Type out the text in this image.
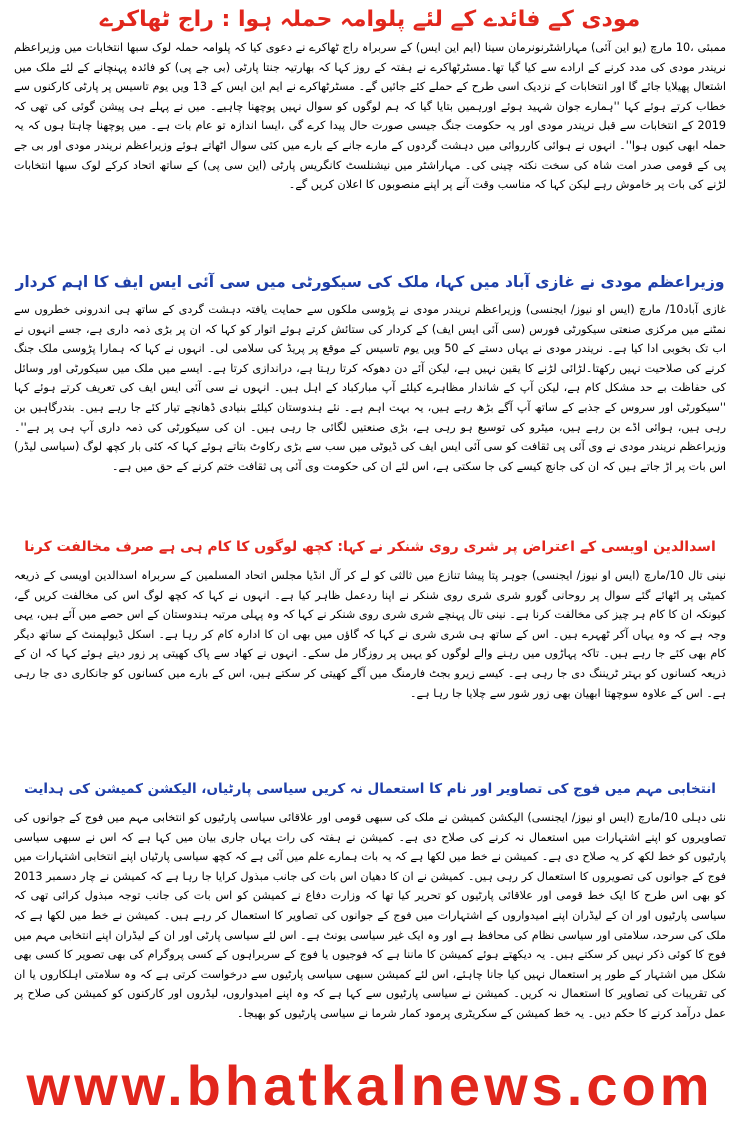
مودی کے فائدے کے لئے پلوامہ حملہ ہوا : راج ٹھاکرے

ممبئی ،10 مارچ (یو این آئی) مہاراشٹرنونرمان سینا (ایم این ایس) کے سربراہ راج ٹھاکرے نے دعوی کیا کہ پلوامہ حملہ لوک سبھا انتخابات میں وزیراعظم نریندر مودی کی مدد کرنے کے ارادے سے کیا گیا تھا۔مسٹرٹھاکرے نے ہفتہ کے روز کہا کہ بھارتیہ جنتا پارٹی (بی جے پی) کو فائدہ پہنچانے کے لئے ملک میں اشتعال پھیلایا جائے گا اور انتخابات کے نزدیک اسی طرح کے حملے کئے جائیں گے۔ مسٹرٹھاکرے نے ایم این ایس کے 13 ویں یوم تاسیس پر پارٹی کارکنوں سے خطاب کرتے ہوئے کہا ''ہمارے جوان شہید ہوئے اورہمیں بتایا گیا کہ ہم لوگوں کو سوال نہیں پوچھنا چاہیے۔ میں نے پہلے ہی پیشن گوئی کی تھی کہ 2019 کے انتخابات سے قبل نریندر مودی اور یہ حکومت جنگ جیسی صورت حال پیدا کرے گی ،ایسا اندازہ تو عام بات ہے۔ میں پوچھنا چاہتا ہوں کہ یہ حملہ ابھی کیوں ہوا''۔ انہوں نے ہوائی کارروائی میں دہشت گردوں کے مارے جانے کے بارے میں کئی سوال اٹھاتے ہوئے وزیراعظم نریندر مودی اور بی جے پی کے قومی صدر امت شاہ کی سخت نکتہ چینی کی۔ مہاراشٹر میں نیشنلسٹ کانگریس پارٹی (این سی پی) کے ساتھ اتحاد کرکے لوک سبھا انتخابات لڑنے کی بات پر خاموش رہے لیکن کہا کہ مناسب وقت آنے پر اپنے منصوبوں کا اعلان کریں گے۔

وزیراعظم مودی نے غازی آباد میں کہا، ملک کی سیکورٹی میں سی آئی ایس ایف کا اہم کردار

غازی آباد10/ مارچ (ایس او نیوز/ ایجنسی) وزیراعظم نریندر مودی نے پڑوسی ملکوں سے حمایت یافتہ دہشت گردی کے ساتھ ہی اندرونی خطروں سے نمٹنے میں مرکزی صنعتی سیکورٹی فورس (سی آئی ایس ایف) کے کردار کی ستائش کرتے ہوئے اتوار کو کہا کہ ان پر بڑی ذمہ داری ہے، جسے انہوں نے اب تک بخوبی ادا کیا ہے۔ نریندر مودی نے یہاں دستے کے 50 ویں یوم تاسیس کے موقع پر پریڈ کی سلامی لی۔ انہوں نے کہا کہ ہمارا پڑوسی ملک جنگ کرنے کی صلاحیت نہیں رکھتا۔لڑائی لڑنے کا یقین نہیں ہے، لیکن آئے دن دھوکہ کرتا رہتا ہے، دراندازی کرتا ہے۔ ایسے میں ملک میں سیکورٹی اور وسائل کی حفاظت بے حد مشکل کام ہے، لیکن آپ کے شاندار مظاہرے کیلئے آپ مبارکباد کے اہل ہیں۔ انہوں نے سی آئی ایس ایف کی تعریف کرتے ہوئے کہا ''سیکورٹی اور سروس کے جذبے کے ساتھ آپ آگے بڑھ رہے ہیں، یہ بہت اہم ہے۔ نئے ہندوستان کیلئے بنیادی ڈھانچے تیار کئے جا رہے ہیں۔ بندرگاہیں بن رہی ہیں، ہوائی اڈے بن رہے ہیں، میٹرو کی توسیع ہو رہی ہے، بڑی صنعتیں لگائی جا رہی ہیں۔ ان کی سیکورٹی کی ذمہ داری آپ ہی پر ہے''۔ وزیراعظم نریندر مودی نے وی آئی پی ثقافت کو سی آئی ایس ایف کی ڈیوٹی میں سب سے بڑی رکاوٹ بتاتے ہوئے کہا کہ کئی بار کچھ لوگ (سیاسی لیڈر) اس بات پر اڑ جاتے ہیں کہ ان کی جانچ کیسے کی جا سکتی ہے، اس لئے ان کی حکومت وی آئی پی ثقافت ختم کرنے کے حق میں ہے۔

اسدالدین اویسی کے اعتراض پر شری روی شنکر نے کہا: کچھ لوگوں کا کام ہی ہے صرف مخالفت کرنا

نینی تال 10/مارچ (ایس او نیوز/ ایجنسی) جوہر پتا پیشا تنازع میں ثالثی کو لے کر آل انڈیا مجلس اتحاد المسلمین کے سربراہ اسدالدین اویسی کے ذریعہ کمیٹی پر اٹھائے گئے سوال پر روحانی گورو شری شری روی شنکر نے اپنا ردعمل ظاہر کیا ہے۔ انہوں نے کہا کہ کچھ لوگ اس کی مخالفت کریں گے، کیونکہ ان کا کام ہر چیز کی مخالفت کرنا ہے۔ نینی تال پہنچے شری شری روی شنکر نے کہا کہ وہ پہلی مرتبہ ہندوستان کے اس حصے میں آئے ہیں، یہی وجہ ہے کہ وہ یہاں آکر ٹھہرے ہیں۔ اس کے ساتھ ہی شری شری نے کہا کہ گاؤں میں بھی ان کا ادارہ کام کر رہا ہے۔ اسکل ڈیولپمنٹ کے ساتھ دیگر کام بھی کئے جا رہے ہیں۔ تاکہ پہاڑوں میں رہنے والے لوگوں کو یہیں پر روزگار مل سکے۔ انہوں نے کھاد سے پاک کھیتی پر زور دیتے ہوئے کہا کہ ان کے ذریعہ کسانوں کو بہتر ٹریننگ دی جا رہی ہے۔ کیسے زیرو بجٹ فارمنگ میں آگے کھیتی کر سکتے ہیں، اس کے بارے میں کسانوں کو جانکاری دی جا رہی ہے۔ اس کے علاوہ سوچھتا ابھیان بھی زور شور سے چلایا جا رہا ہے۔

انتخابی مہم میں فوج کی تصاویر اور نام کا استعمال نہ کریں سیاسی پارٹیاں، الیکشن کمیشن کی ہدایت

نئی دہلی 10/مارچ (ایس او نیوز/ ایجنسی) الیکشن کمیشن نے ملک کی سبھی قومی اور علاقائی سیاسی پارٹیوں کو انتخابی مہم میں فوج کے جوانوں کی تصاویروں کو اپنے اشتہارات میں استعمال نہ کرنے کی صلاح دی ہے۔ کمیشن نے ہفتہ کی رات یہاں جاری بیان میں کہا ہے کہ اس نے سبھی سیاسی پارٹیوں کو خط لکھ کر یہ صلاح دی ہے۔ کمیشن نے خط میں لکھا ہے کہ یہ بات ہمارے علم میں آئی ہے کہ کچھ سیاسی پارٹیاں اپنے انتخابی اشتہارات میں فوج کے جوانوں کی تصویروں کا استعمال کر رہی ہیں۔ کمیشن نے ان کا دھیان اس بات کی جانب مبذول کرایا جا رہا ہے کہ کمیشن نے چار دسمبر 2013 کو بھی اس طرح کا ایک خط قومی اور علاقائی پارٹیوں کو تحریر کیا تھا کہ وزارت دفاع نے کمیشن کو اس بات کی جانب توجہ مبذول کرائی تھی کہ سیاسی پارٹیوں اور ان کے لیڈران اپنے امیدواروں کے اشتہارات میں فوج کے جوانوں کی تصاویر کا استعمال کر رہے ہیں۔ کمیشن نے خط میں لکھا ہے کہ ملک کی سرحد، سلامتی اور سیاسی نظام کی محافظ ہے اور وہ ایک غیر سیاسی یونٹ ہے۔ اس لئے سیاسی پارٹی اور ان کے لیڈران اپنے انتخابی مہم میں فوج کا کوئی ذکر نہیں کر سکتے ہیں۔ یہ دیکھتے ہوئے کمیشن کا ماننا ہے کہ فوجیوں یا فوج کے سربراہوں کے کسی پروگرام کی بھی تصویر کا کسی بھی شکل میں اشتہار کے طور پر استعمال نہیں کیا جانا چاہئے، اس لئے کمیشن سبھی سیاسی پارٹیوں سے درخواست کرتی ہے کہ وہ سلامتی اہلکاروں یا ان کی تقریبات کی تصاویر کا استعمال نہ کریں۔ کمیشن نے سیاسی پارٹیوں سے کہا ہے کہ وہ اپنے امیدواروں، لیڈروں اور کارکنوں کو کمیشن کی صلاح پر عمل درآمد کرنے کا حکم دیں۔ یہ خط کمیشن کے سکریٹری پرمود کمار شرما نے سیاسی پارٹیوں کو بھیجا۔

www.bhatkalnews.com
